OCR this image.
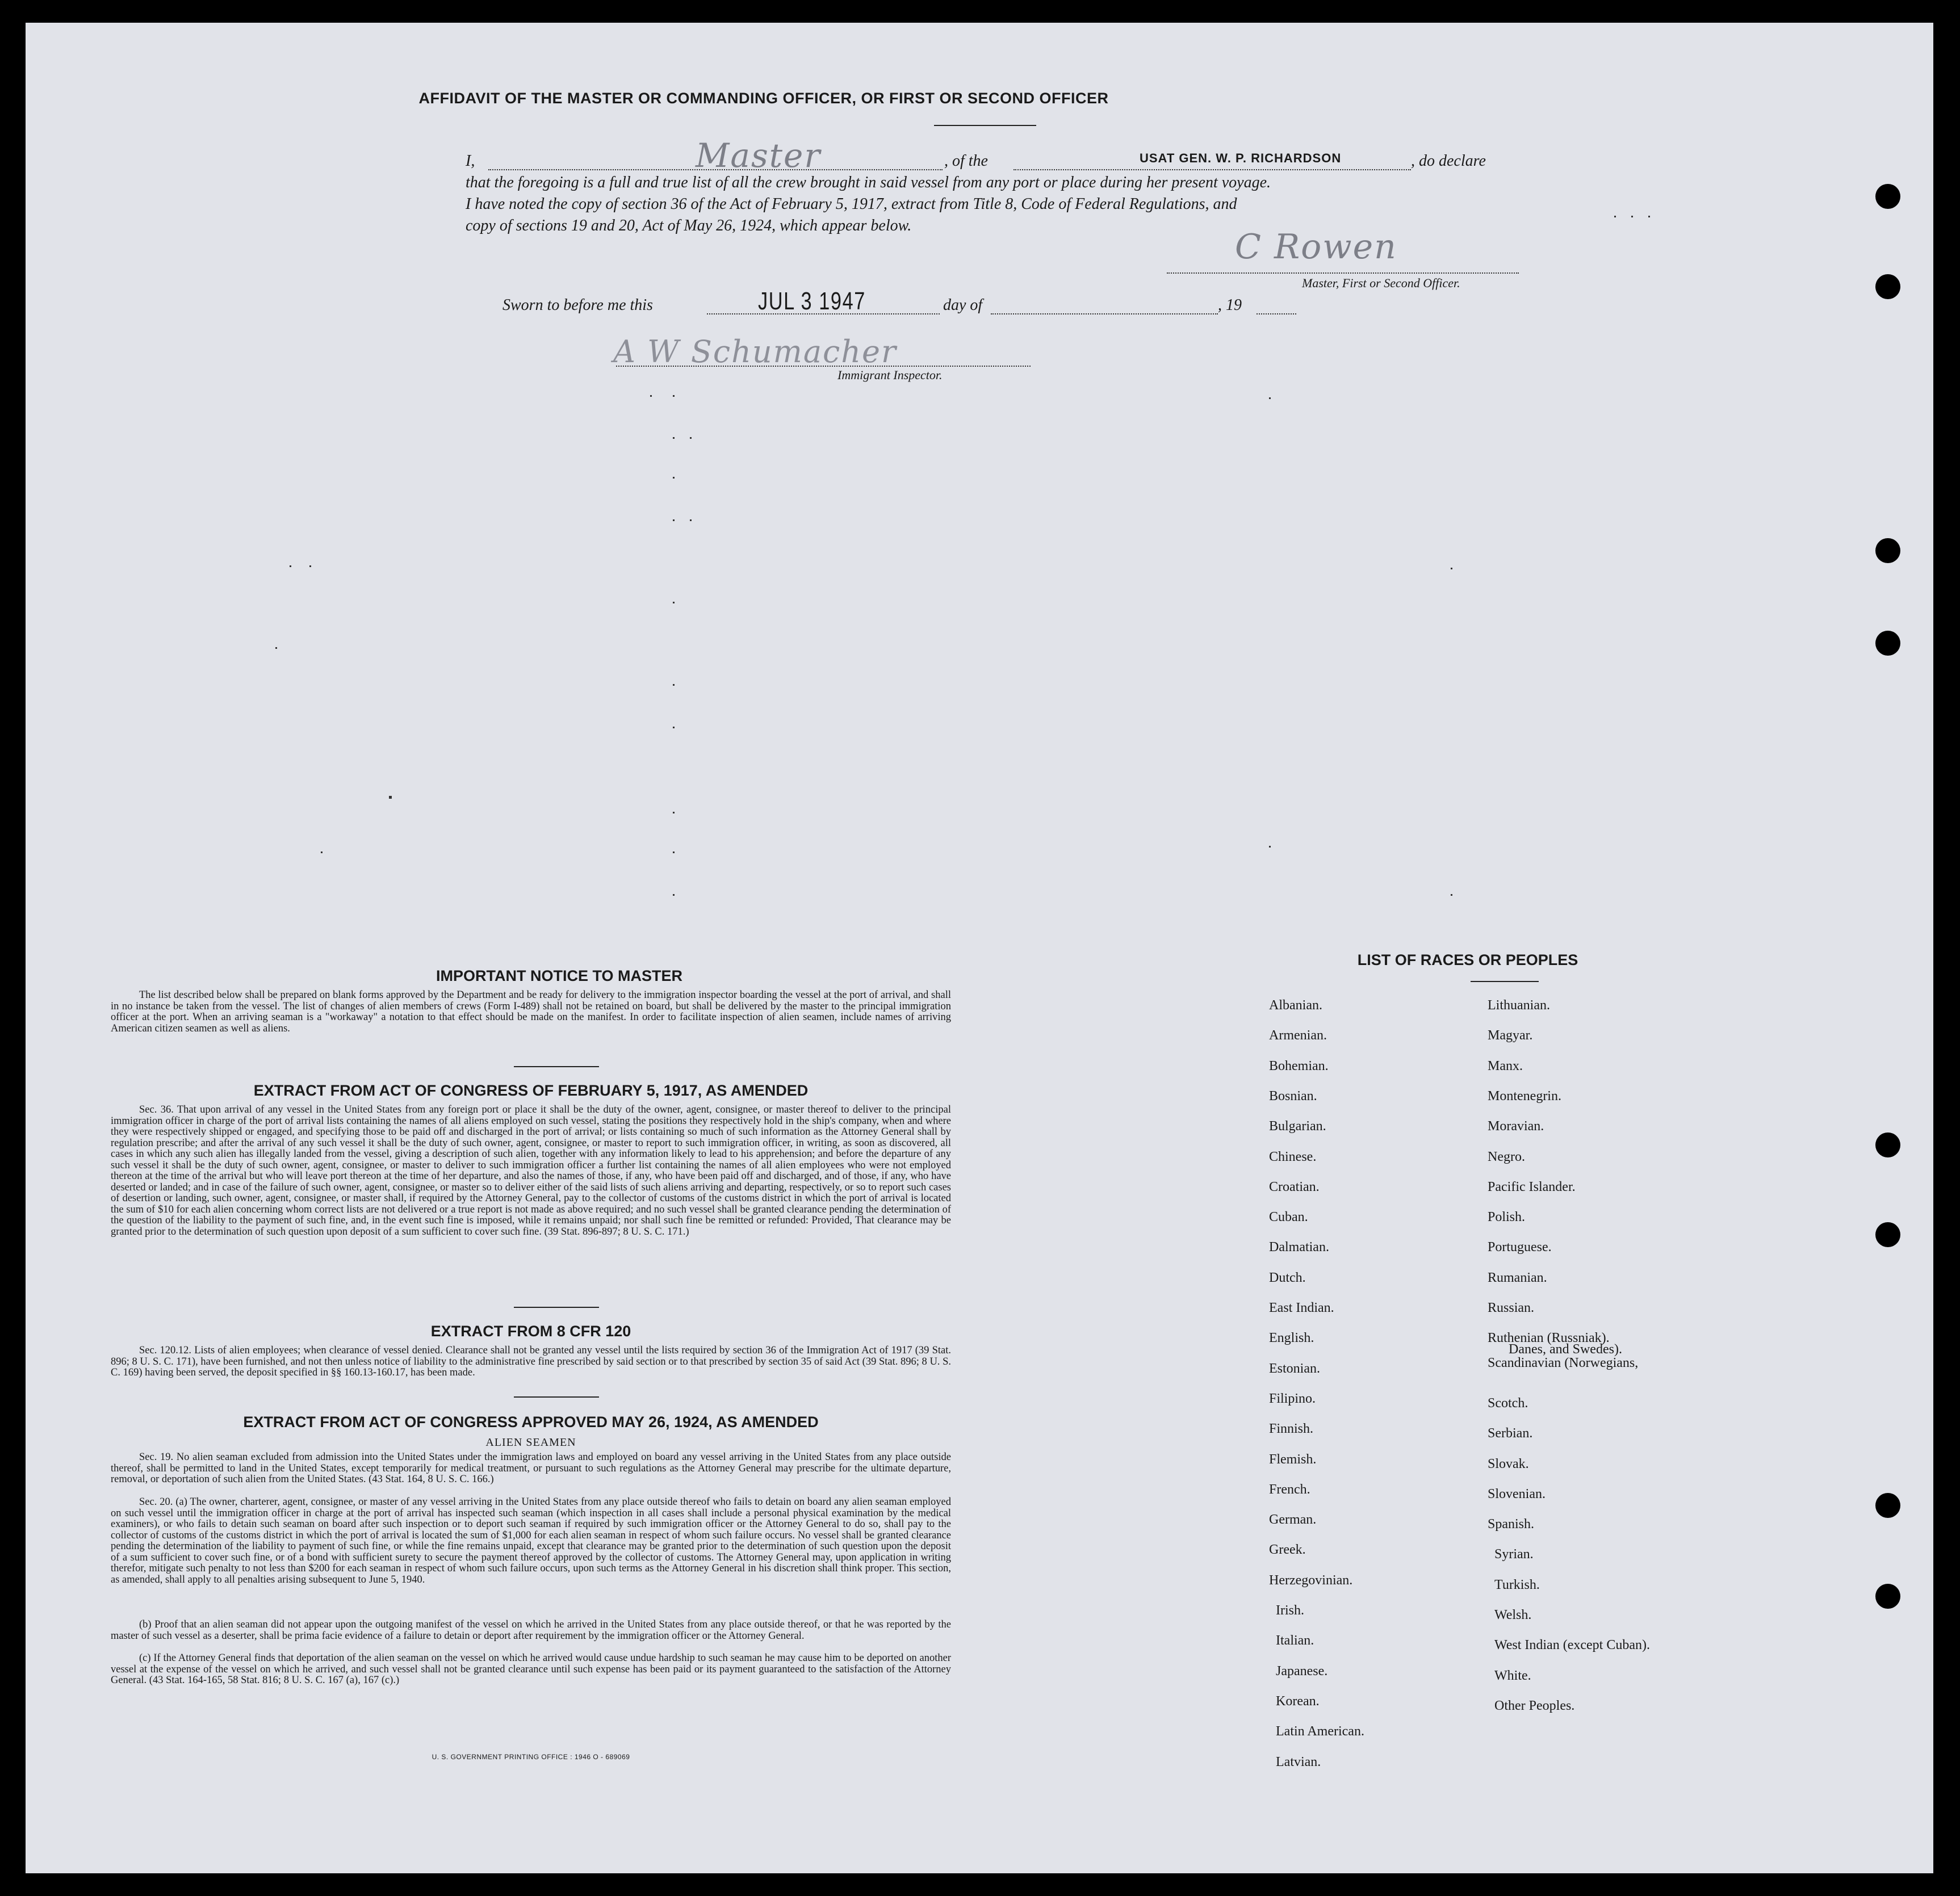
AFFIDAVIT OF THE MASTER OR COMMANDING OFFICER, OR FIRST OR SECOND OFFICER
I,	Master	, of the	USAT GEN. W. P. RICHARDSON	, do declare
that the foregoing is a full and true list of all the crew brought in said vessel from any port or place during her present voyage.
I have noted the copy of section 36 of the Act of February 5, 1917, extract from Title 8, Code of Federal Regulations, and
copy of sections 19 and 20, Act of May 26, 1924, which appear below.
C Rowen
Master, First or Second Officer.
Sworn to before me this	JUL 3 1947	day of	, 19
A W Schumacher
Immigrant Inspector.
IMPORTANT NOTICE TO MASTER
The list described below shall be prepared on blank forms approved by the Department and be ready for delivery to the immigration inspector boarding the vessel at the port of arrival, and shall in no instance be taken from the vessel. The list of changes of alien members of crews (Form I-489) shall not be retained on board, but shall be delivered by the master to the principal immigration officer at the port. When an arriving seaman is a "workaway" a notation to that effect should be made on the manifest. In order to facilitate inspection of alien seamen, include names of arriving American citizen seamen as well as aliens.
EXTRACT FROM ACT OF CONGRESS OF FEBRUARY 5, 1917, AS AMENDED
Sec. 36. That upon arrival of any vessel in the United States from any foreign port or place it shall be the duty of the owner, agent, consignee, or master thereof to deliver to the principal immigration officer in charge of the port of arrival lists containing the names of all aliens employed on such vessel, stating the positions they respectively hold in the ship's company, when and where they were respectively shipped or engaged, and specifying those to be paid off and discharged in the port of arrival; or lists containing so much of such information as the Attorney General shall by regulation prescribe; and after the arrival of any such vessel it shall be the duty of such owner, agent, consignee, or master to report to such immigration officer, in writing, as soon as discovered, all cases in which any such alien has illegally landed from the vessel, giving a description of such alien, together with any information likely to lead to his apprehension; and before the departure of any such vessel it shall be the duty of such owner, agent, consignee, or master to deliver to such immigration officer a further list containing the names of all alien employees who were not employed thereon at the time of the arrival but who will leave port thereon at the time of her departure, and also the names of those, if any, who have been paid off and discharged, and of those, if any, who have deserted or landed; and in case of the failure of such owner, agent, consignee, or master so to deliver either of the said lists of such aliens arriving and departing, respectively, or so to report such cases of desertion or landing, such owner, agent, consignee, or master shall, if required by the Attorney General, pay to the collector of customs of the customs district in which the port of arrival is located the sum of $10 for each alien concerning whom correct lists are not delivered or a true report is not made as above required; and no such vessel shall be granted clearance pending the determination of the question of the liability to the payment of such fine, and, in the event such fine is imposed, while it remains unpaid; nor shall such fine be remitted or refunded: Provided, That clearance may be granted prior to the determination of such question upon deposit of a sum sufficient to cover such fine. (39 Stat. 896-897; 8 U. S. C. 171.)
EXTRACT FROM 8 CFR 120
Sec. 120.12. Lists of alien employees; when clearance of vessel denied. Clearance shall not be granted any vessel until the lists required by section 36 of the Immigration Act of 1917 (39 Stat. 896; 8 U. S. C. 171), have been furnished, and not then unless notice of liability to the administrative fine prescribed by said section or to that prescribed by section 35 of said Act (39 Stat. 896; 8 U. S. C. 169) having been served, the deposit specified in §§ 160.13-160.17, has been made.
EXTRACT FROM ACT OF CONGRESS APPROVED MAY 26, 1924, AS AMENDED
ALIEN SEAMEN
Sec. 19. No alien seaman excluded from admission into the United States under the immigration laws and employed on board any vessel arriving in the United States from any place outside thereof, shall be permitted to land in the United States, except temporarily for medical treatment, or pursuant to such regulations as the Attorney General may prescribe for the ultimate departure, removal, or deportation of such alien from the United States. (43 Stat. 164, 8 U. S. C. 166.)
Sec. 20. (a) The owner, charterer, agent, consignee, or master of any vessel arriving in the United States from any place outside thereof who fails to detain on board any alien seaman employed on such vessel until the immigration officer in charge at the port of arrival has inspected such seaman (which inspection in all cases shall include a personal physical examination by the medical examiners), or who fails to detain such seaman on board after such inspection or to deport such seaman if required by such immigration officer or the Attorney General to do so, shall pay to the collector of customs of the customs district in which the port of arrival is located the sum of $1,000 for each alien seaman in respect of whom such failure occurs. No vessel shall be granted clearance pending the determination of the liability to payment of such fine, or while the fine remains unpaid, except that clearance may be granted prior to the determination of such question upon the deposit of a sum sufficient to cover such fine, or of a bond with sufficient surety to secure the payment thereof approved by the collector of customs. The Attorney General may, upon application in writing therefor, mitigate such penalty to not less than $200 for each seaman in respect of whom such failure occurs, upon such terms as the Attorney General in his discretion shall think proper. This section, as amended, shall apply to all penalties arising subsequent to June 5, 1940.
(b) Proof that an alien seaman did not appear upon the outgoing manifest of the vessel on which he arrived in the United States from any place outside thereof, or that he was reported by the master of such vessel as a deserter, shall be prima facie evidence of a failure to detain or deport after requirement by the immigration officer or the Attorney General.
(c) If the Attorney General finds that deportation of the alien seaman on the vessel on which he arrived would cause undue hardship to such seaman he may cause him to be deported on another vessel at the expense of the vessel on which he arrived, and such vessel shall not be granted clearance until such expense has been paid or its payment guaranteed to the satisfaction of the Attorney General. (43 Stat. 164-165, 58 Stat. 816; 8 U. S. C. 167 (a), 167 (c).)
U. S. GOVERNMENT PRINTING OFFICE : 1946 O - 689069
LIST OF RACES OR PEOPLES
Albanian.
Armenian.
Bohemian.
Bosnian.
Bulgarian.
Chinese.
Croatian.
Cuban.
Dalmatian.
Dutch.
East Indian.
English.
Estonian.
Filipino.
Finnish.
Flemish.
French.
German.
Greek.
Herzegovinian.
Irish.
Italian.
Japanese.
Korean.
Latin American.
Latvian.
Lithuanian.
Magyar.
Manx.
Montenegrin.
Moravian.
Negro.
Pacific Islander.
Polish.
Portuguese.
Rumanian.
Russian.
Ruthenian (Russniak).
Scandinavian (Norwegians,
Danes, and Swedes).
Scotch.
Serbian.
Slovak.
Slovenian.
Spanish.
Syrian.
Turkish.
Welsh.
West Indian (except Cuban).
White.
Other Peoples.
